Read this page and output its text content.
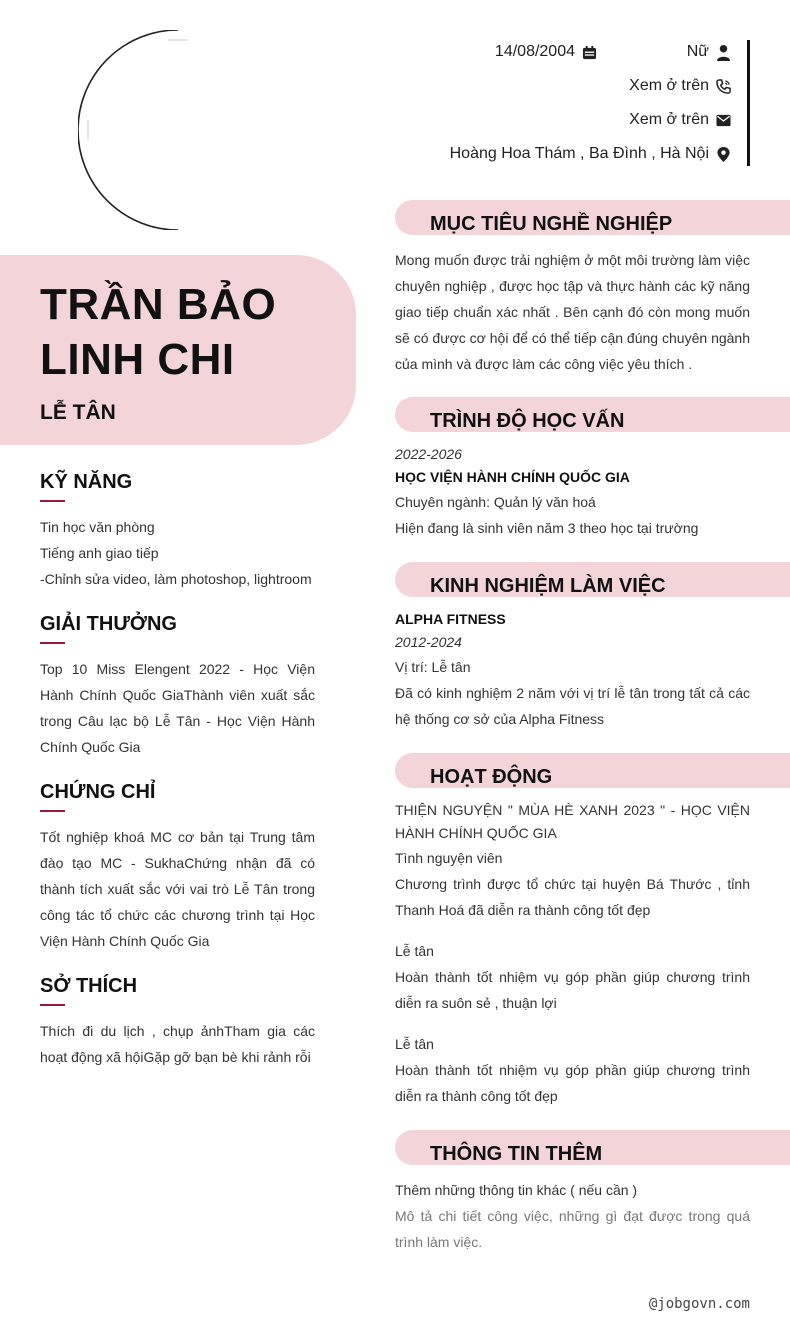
TRẦN BẢO LINH CHI
LỄ TÂN
14/08/2004	Nữ
Xem ở trên
Xem ở trên
Hoàng Hoa Thám , Ba Đình , Hà Nội
KỸ NĂNG

Tin học văn phòng

Tiếng anh giao tiếp

-Chỉnh sửa video, làm photoshop, lightroom

GIẢI THƯỞNG

Top 10 Miss Elengent 2022 - Học Viện Hành Chính Quốc GiaThành viên xuất sắc trong Câu lạc bộ Lễ Tân - Học Viện Hành Chính Quốc Gia

CHỨNG CHỈ

Tốt nghiệp khoá MC cơ bản tại Trung tâm đào tạo MC - SukhaChứng nhận đã có thành tích xuất sắc với vai trò Lễ Tân trong công tác tổ chức các chương trình tại Học Viện Hành Chính Quốc Gia

SỞ THÍCH

Thích đi du lịch , chụp ảnhTham gia các hoạt động xã hộiGặp gỡ bạn bè khi rảnh rỗi

MỤC TIÊU NGHỀ NGHIỆP

Mong muốn được trải nghiệm ở một môi trường làm việc chuyên nghiệp , được học tập và thực hành các kỹ năng giao tiếp chuẩn xác nhất . Bên cạnh đó còn mong muốn sẽ có được cơ hội để có thể tiếp cận đúng chuyên ngành của mình và được làm các công việc yêu thích .

TRÌNH ĐỘ HỌC VẤN
2022-2026
HỌC VIỆN HÀNH CHÍNH QUỐC GIA

Chuyên ngành: Quản lý văn hoá

Hiện đang là sinh viên năm 3 theo học tại trường

KINH NGHIỆM LÀM VIỆC
ALPHA FITNESS
2012-2024

Vị trí: Lễ tân

Đã có kinh nghiệm 2 năm với vị trí lễ tân trong tất cả các hệ thống cơ sở của Alpha Fitness

HOẠT ĐỘNG
THIỆN NGUYỆN " MÙA HÈ XANH 2023 " - HỌC VIỆN HÀNH CHÍNH QUỐC GIA

Tình nguyện viên

Chương trình được tổ chức tại huyện Bá Thước , tỉnh Thanh Hoá đã diễn ra thành công tốt đẹp

Lễ tân

Hoàn thành tốt nhiệm vụ góp phần giúp chương trình diễn ra suôn sẻ , thuận lợi

Lễ tân

Hoàn thành tốt nhiệm vụ góp phần giúp chương trình diễn ra thành công tốt đẹp

THÔNG TIN THÊM

Thêm những thông tin khác ( nếu cần )

Mô tả chi tiết công việc, những gì đạt được trong quá trình làm việc.

@jobgovn.com
